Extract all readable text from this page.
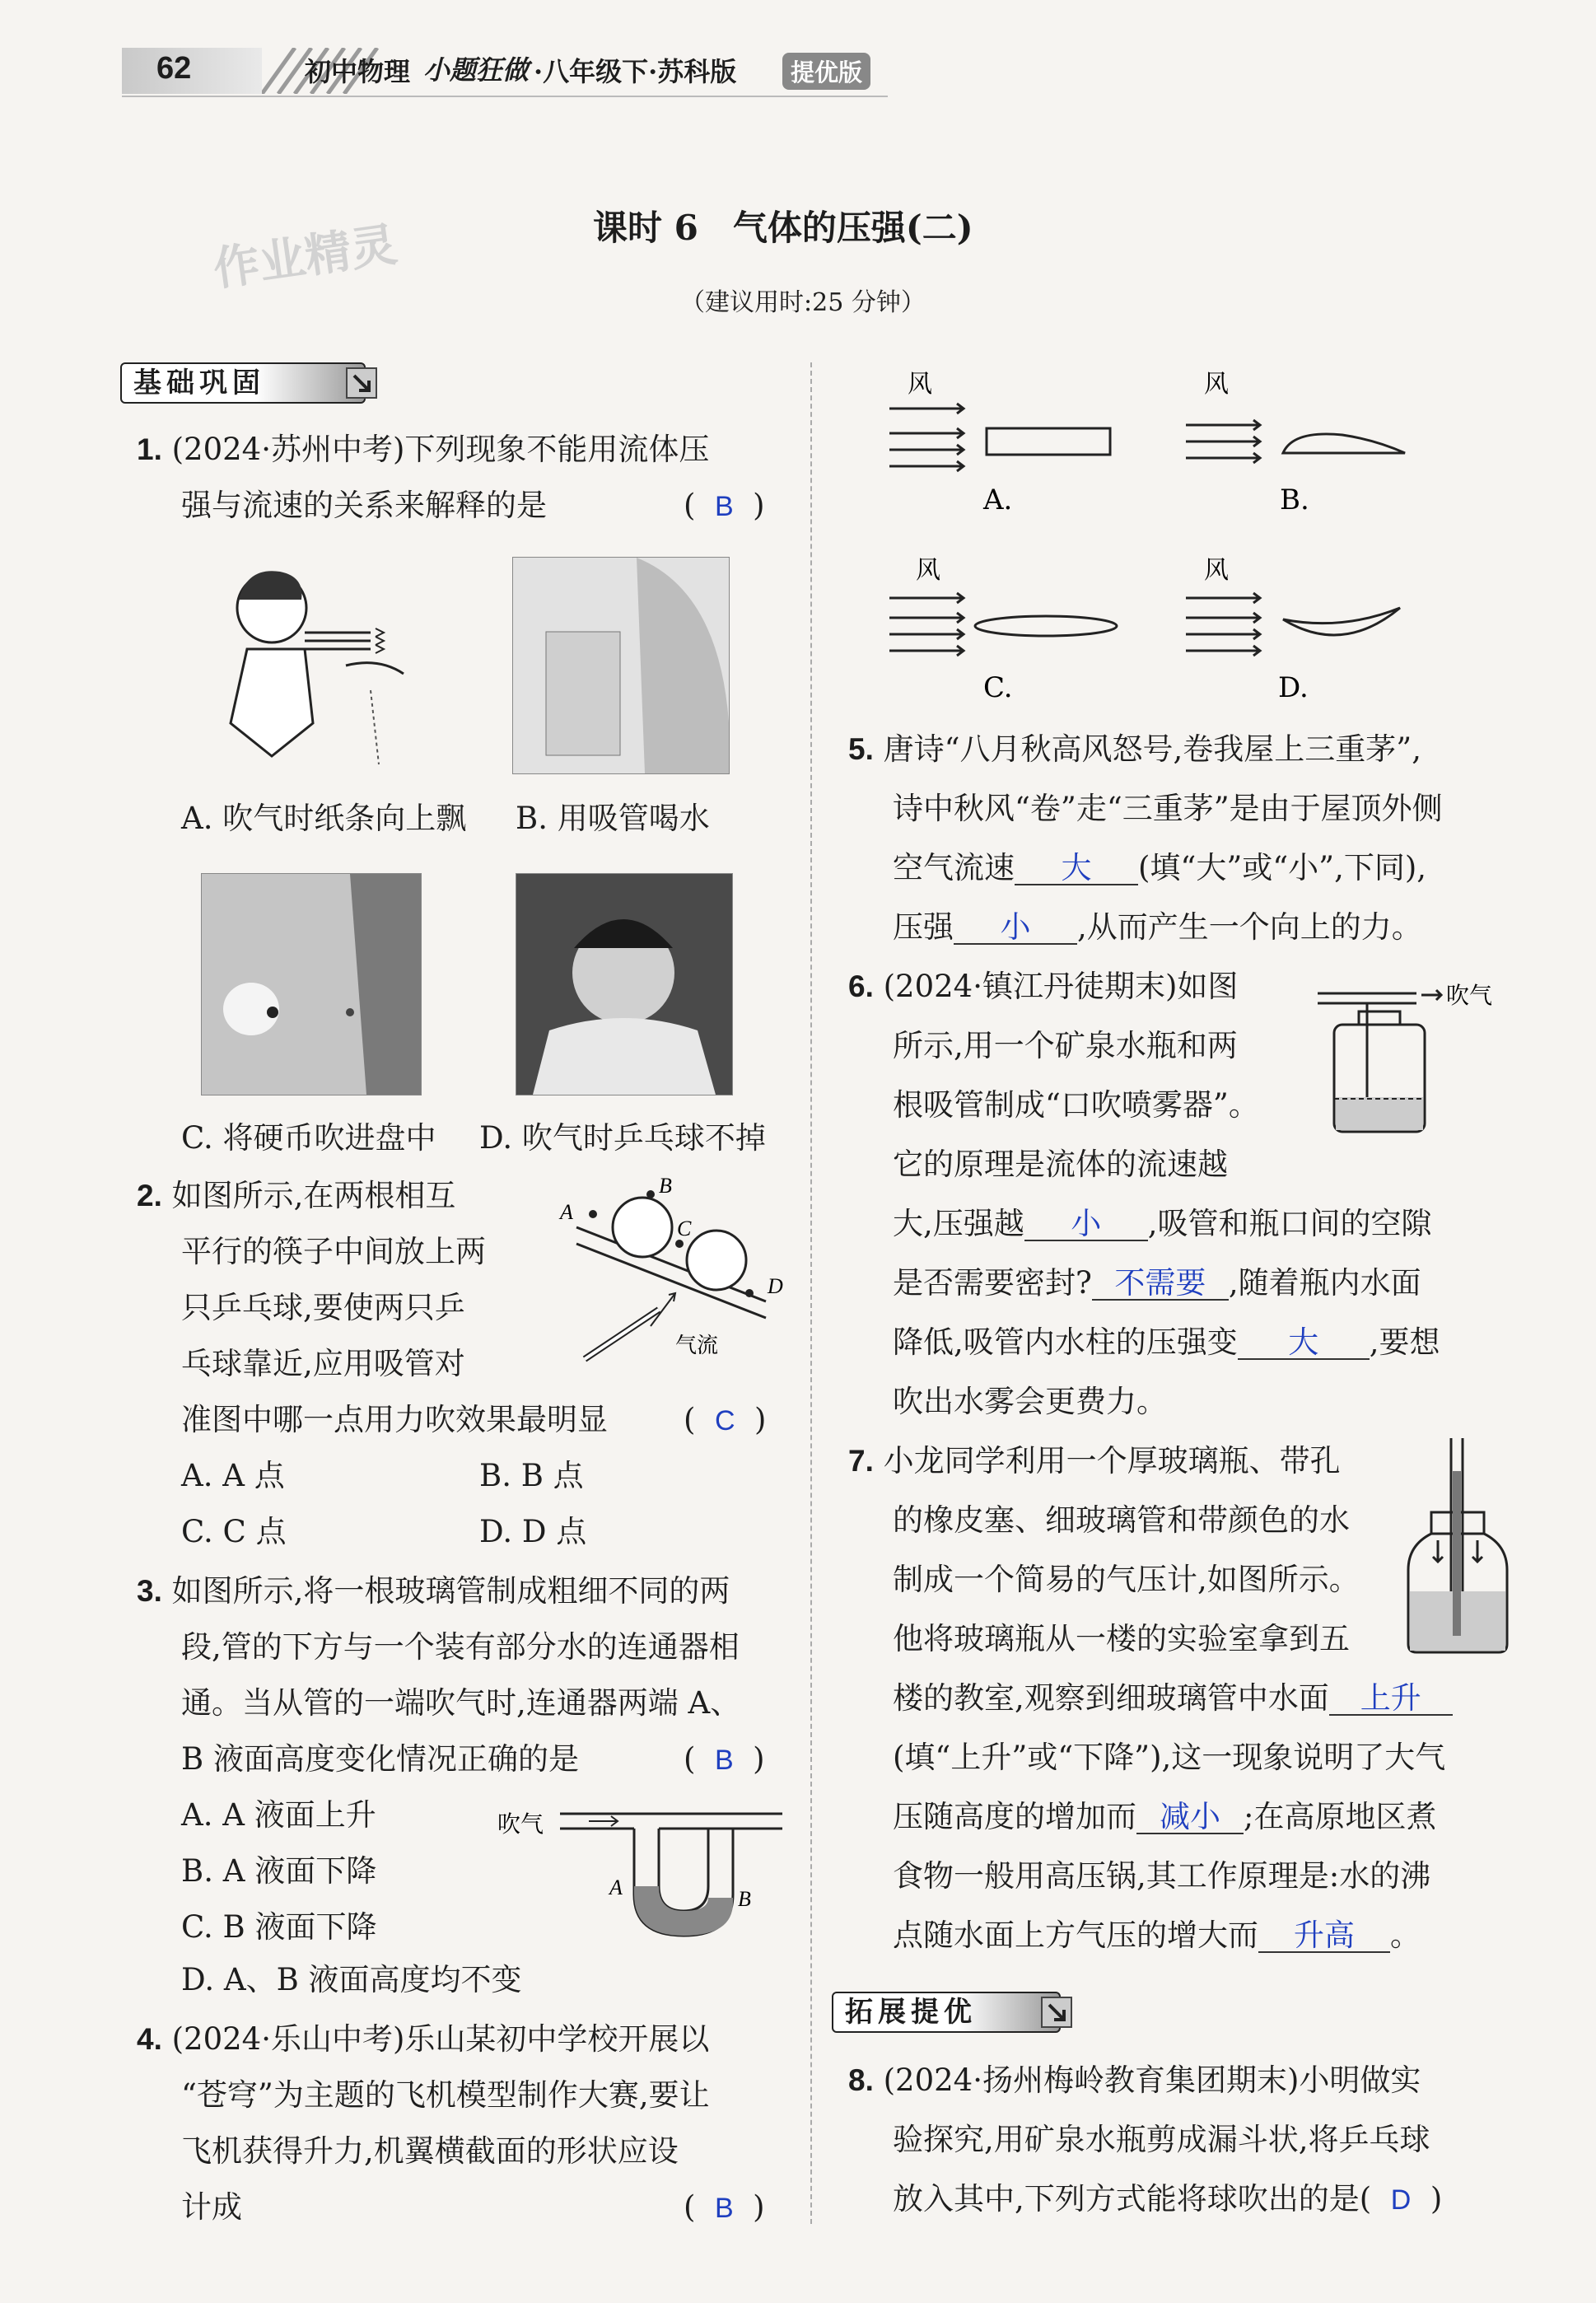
62	初中物理 小题狂做 ·八年级下·苏科版	提优版
课时 6　气体的压强(二)
（建议用时:25 分钟）
作业精灵
基础巩固
1. (2024·苏州中考)下列现象不能用流体压
强与流速的关系来解释的是	(  B  )
A. 吹气时纸条向上飘 B. 用吸管喝水
C. 将硬币吹进盘中 D. 吹气时乒乓球不掉
2. 如图所示,在两根相互
平行的筷子中间放上两
只乒乓球,要使两只乒
乓球靠近,应用吸管对
准图中哪一点用力吹效果最明显 (  C  )
A
B
C
D
气流
A. A 点	B. B 点
C. C 点	D. D 点
3. 如图所示,将一根玻璃管制成粗细不同的两
段,管的下方与一个装有部分水的连通器相
通。当从管的一端吹气时,连通器两端 A、
B 液面高度变化情况正确的是	(  B  )
A. A 液面上升
B. A 液面下降
C. B 液面下降
D. A、B 液面高度均不变
吹气
A	B
4. (2024·乐山中考)乐山某初中学校开展以
“苍穹”为主题的飞机模型制作大赛,要让
飞机获得升力,机翼横截面的形状应设
计成	(  B  )
风
A.
风
B.
风
C.
风
D.
5. 唐诗“八月秋高风怒号,卷我屋上三重茅”,
诗中秋风“卷”走“三重茅”是由于屋顶外侧
空气流速 大 (填“大”或“小”,下同),
压强 小 ,从而产生一个向上的力。
6. (2024·镇江丹徒期末)如图
所示,用一个矿泉水瓶和两
根吸管制成“口吹喷雾器”。
它的原理是流体的流速越
吹气
大,压强越 小 ,吸管和瓶口间的空隙
是否需要密封? 不需要 ,随着瓶内水面
降低,吸管内水柱的压强变 大 ,要想
吹出水雾会更费力。
7. 小龙同学利用一个厚玻璃瓶、带孔
的橡皮塞、细玻璃管和带颜色的水
制成一个简易的气压计,如图所示。
他将玻璃瓶从一楼的实验室拿到五
楼的教室,观察到细玻璃管中水面 上升
(填“上升”或“下降”),这一现象说明了大气
压随高度的增加而 减小 ;在高原地区煮
食物一般用高压锅,其工作原理是:水的沸
点随水面上方气压的增大而 升高 。
拓展提优
8. (2024·扬州梅岭教育集团期末)小明做实
验探究,用矿泉水瓶剪成漏斗状,将乒乓球
放入其中,下列方式能将球吹出的是(  D  )
